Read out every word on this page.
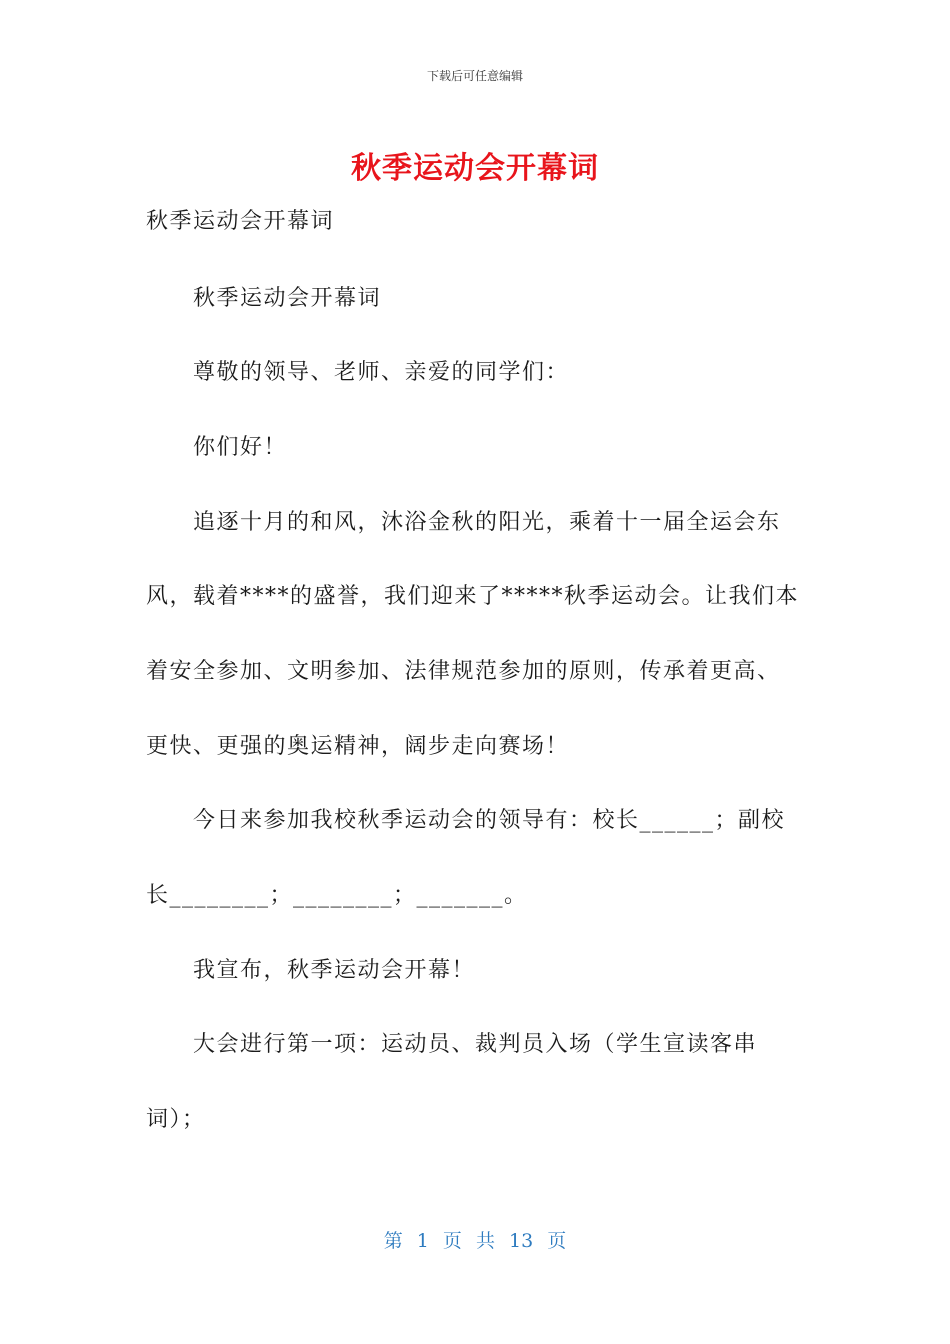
下载后可任意编辑
秋季运动会开幕词
秋季运动会开幕词
秋季运动会开幕词
尊敬的领导、老师、亲爱的同学们：
你们好！
追逐十月的和风，沐浴金秋的阳光，乘着十一届全运会东
风，载着****的盛誉，我们迎来了*****秋季运动会。让我们本
着安全参加、文明参加、法律规范参加的原则，传承着更高、
更快、更强的奥运精神，阔步走向赛场！
今日来参加我校秋季运动会的领导有：校长______；副校
长________；________；_______。
我宣布，秋季运动会开幕！
大会进行第一项：运动员、裁判员入场（学生宣读客串
词）；
第 1 页 共 13 页
